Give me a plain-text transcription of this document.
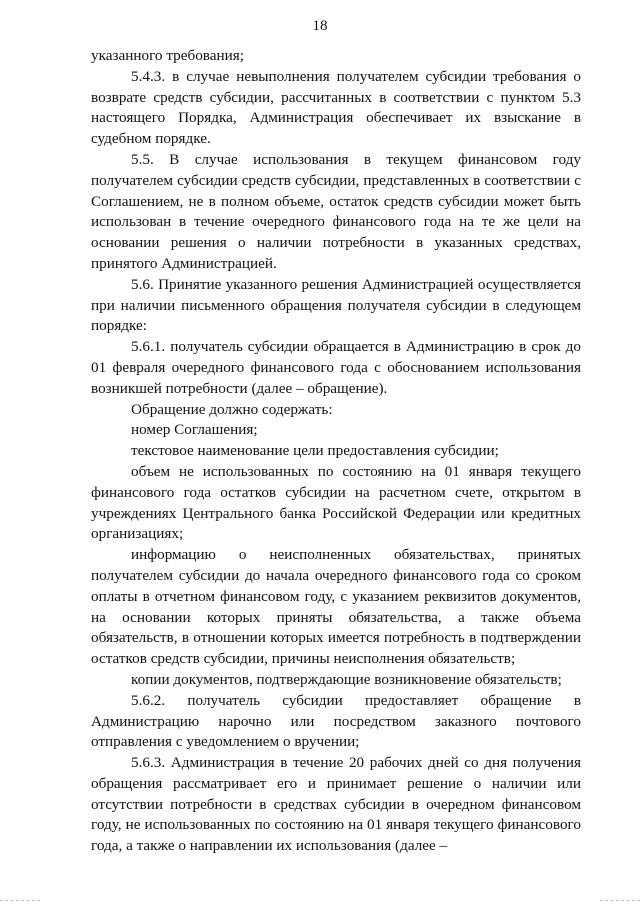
18

указанного требования;

5.4.3. в случае невыполнения получателем субсидии требования о возврате средств субсидии, рассчитанных в соответствии с пунктом 5.3 настоящего Порядка, Администрация обеспечивает их взыскание в судебном порядке.

5.5. В случае использования в текущем финансовом году получателем субсидии средств субсидии, представленных в соответствии с Соглашением, не в полном объеме, остаток средств субсидии может быть использован в течение очередного финансового года на те же цели на основании решения о наличии потребности в указанных средствах, принятого Администрацией.

5.6. Принятие указанного решения Администрацией осуществляется при наличии письменного обращения получателя субсидии в следующем порядке:

5.6.1. получатель субсидии обращается в Администрацию в срок до 01 февраля очередного финансового года с обоснованием использования возникшей потребности (далее – обращение).

Обращение должно содержать:

номер Соглашения;

текстовое наименование цели предоставления субсидии;

объем не использованных по состоянию на 01 января текущего финансового года остатков субсидии на расчетном счете, открытом в учреждениях Центрального банка Российской Федерации или кредитных организациях;

информацию о неисполненных обязательствах, принятых получателем субсидии до начала очередного финансового года со сроком оплаты в отчетном финансовом году, с указанием реквизитов документов, на основании которых приняты обязательства, а также объема обязательств, в отношении которых имеется потребность в подтверждении остатков средств субсидии, причины неисполнения обязательств;

копии документов, подтверждающие возникновение обязательств;

5.6.2. получатель субсидии предоставляет обращение в Администрацию нарочно или посредством заказного почтового отправления с уведомлением о вручении;

5.6.3. Администрация в течение 20 рабочих дней со дня получения обращения рассматривает его и принимает решение о наличии или отсутствии потребности в средствах субсидии в очередном финансовом году, не использованных по состоянию на 01 января текущего финансового года, а также о направлении их использования (далее –
